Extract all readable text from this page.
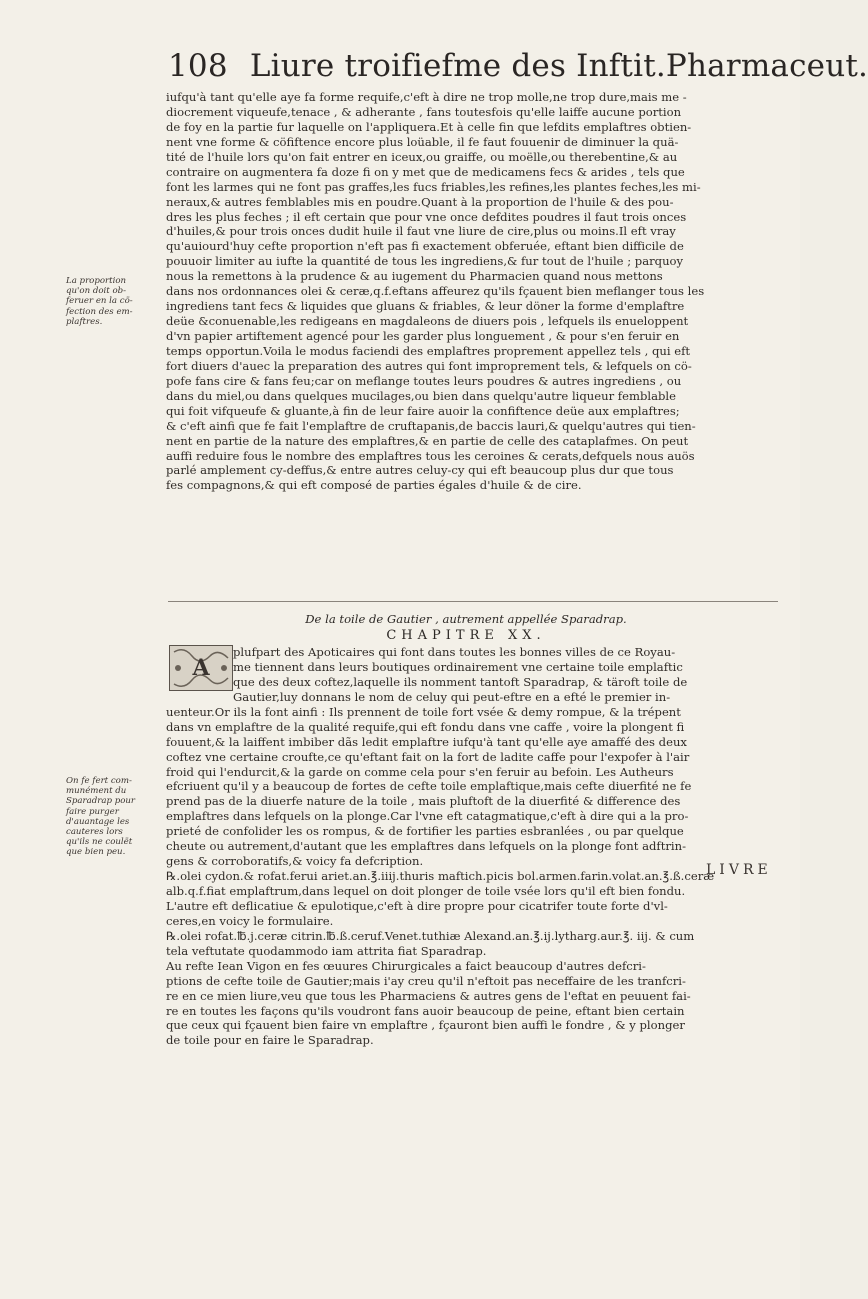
108 Liure troifiefme des Inftit.Pharmaceut.
iufqu'à tant qu'elle aye fa forme requife,c'eft à dire ne trop molle,ne trop dure,mais me -
diocrement viqueufe,tenace , & adherante , fans toutesfois qu'elle laiffe aucune portion
de foy en la partie fur laquelle on l'appliquera.Et à celle fin que lefdits emplaftres obtien-
nent vne forme & cöfiftence encore plus loüable, il fe faut fouuenir de diminuer la quä-
tité de l'huile lors qu'on fait entrer en iceux,ou graiffe, ou moëlle,ou therebentine,& au
contraire on augmentera fa doze fi on y met que de medicamens fecs & arides , tels que
font les larmes qui ne font pas graffes,les fucs friables,les refines,les plantes feches,les mi-
neraux,& autres femblables mis en poudre.Quant à la proportion de l'huile & des pou-
dres les plus feches ; il eft certain que pour vne once defdites poudres il faut trois onces
d'huiles,& pour trois onces dudit huile il faut vne liure de cire,plus ou moins.Il eft vray
qu'auiourd'huy cefte proportion n'eft pas fi exactement obferuée, eftant bien difficile de
pouuoir limiter au iufte la quantité de tous les ingrediens,& fur tout de l'huile ; parquoy
nous la remettons à la prudence & au iugement du Pharmacien quand nous mettons
dans nos ordonnances olei & ceræ,q.f.eftans affeurez qu'ils fçauent bien meflanger tous les
ingrediens tant fecs & liquides que gluans & friables, & leur döner la forme d'emplaftre
deüe &conuenable,les redigeans en magdaleons de diuers pois , lefquels ils enueloppent
d'vn papier artiftement agencé pour les garder plus longuement , & pour s'en feruir en
temps opportun.Voila le modus faciendi des emplaftres proprement appellez tels , qui eft
fort diuers d'auec la preparation des autres qui font improprement tels, & lefquels on cö-
pofe fans cire & fans feu;car on meflange toutes leurs poudres & autres ingrediens , ou
dans du miel,ou dans quelques mucilages,ou bien dans quelqu'autre liqueur femblable
qui foit vifqueufe & gluante,à fin de leur faire auoir la confiftence deüe aux emplaftres;
& c'eft ainfi que fe fait l'emplaftre de cruftapanis,de baccis lauri,& quelqu'autres qui tien-
nent en partie de la nature des emplaftres,& en partie de celle des cataplafmes. On peut
auffi reduire fous le nombre des emplaftres tous les ceroines & cerats,defquels nous auös
parlé amplement cy-deffus,& entre autres celuy-cy qui eft beaucoup plus dur que tous
fes compagnons,& qui eft composé de parties égales d'huile & de cire.
La proportion
qu'on doit ob-
feruer en la cö-
fection des em-
plaftres.
De la toile de Gautier , autrement appellée Sparadrap.
CHAPITRE XX.
A
plufpart des Apoticaires qui font dans toutes les bonnes villes de ce Royau-
me tiennent dans leurs boutiques ordinairement vne certaine toile emplaftic
que des deux coftez,laquelle ils nomment tantoft Sparadrap, & täroft toile de
Gautier,luy donnans le nom de celuy qui peut-eftre en a efté le premier in-
uenteur.Or ils la font ainfi : Ils prennent de toile fort vsée & demy rompue, & la trépent
dans vn emplaftre de la qualité requife,qui eft fondu dans vne caffe , voire la plongent fi
fouuent,& la laiffent imbiber dãs ledit emplaftre iufqu'à tant qu'elle aye amaffé des deux
coftez vne certaine croufte,ce qu'eftant fait on la fort de ladite caffe pour l'expofer à l'air
froid qui l'endurcit,& la garde on comme cela pour s'en feruir au befoin. Les Autheurs
efcriuent qu'il y a beaucoup de fortes de cefte toile emplaftique,mais cefte diuerfité ne fe
prend pas de la diuerfe nature de la toile , mais pluftoft de la diuerfité & difference des
emplaftres dans lefquels on la plonge.Car l'vne eft catagmatique,c'eft à dire qui a la pro-
prieté de confolider les os rompus, & de fortifier les parties esbranlées , ou par quelque
cheute ou autrement,d'autant que les emplaftres dans lefquels on la plonge font adftrin-
gens & corroboratifs,& voicy fa defcription.
℞.olei cydon.& rofat.ferui ariet.an.℥.iiij.thuris maftich.picis bol.armen.farin.volat.an.℥.ß.ceræ
alb.q.f.fiat emplaftrum,dans lequel on doit plonger de toile vsée lors qu'il eft bien fondu.
L'autre eft deflicatiue & epulotique,c'eft à dire propre pour cicatrifer toute forte d'vl-
ceres,en voicy le formulaire.
℞.olei rofat.℔.j.ceræ citrin.℔.ß.ceruf.Venet.tuthiæ Alexand.an.℥.ij.lytharg.aur.℥. iij. & cum
tela veftutate quodammodo iam attrita fiat Sparadrap.
Au refte Iean Vigon en fes œuures Chirurgicales a faict beaucoup d'autres defcri-
ptions de cefte toile de Gautier;mais i'ay creu qu'il n'eftoit pas neceffaire de les tranfcri-
re en ce mien liure,veu que tous les Pharmaciens & autres gens de l'eftat en peuuent fai-
re en toutes les façons qu'ils voudront fans auoir beaucoup de peine, eftant bien certain
que ceux qui fçauent bien faire vn emplaftre , fçauront bien auffi le fondre , & y plonger
de toile pour en faire le Sparadrap.
On fe fert com-
munément du
Sparadrap pour
faire purger
d'auantage les
cauteres lors
qu'ils ne coulët
que bien peu.
LIVRE
